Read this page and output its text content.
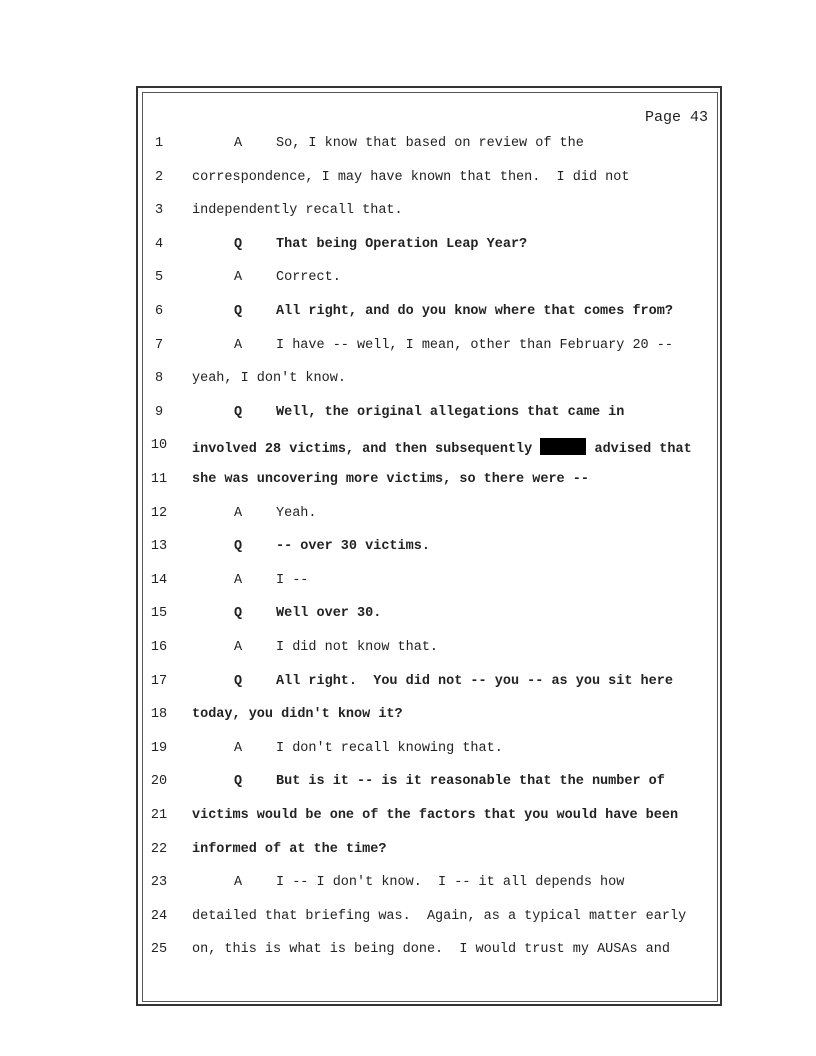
Page 43
1	A	So, I know that based on review of the
2	correspondence, I may have known that then.  I did not
3	independently recall that.
4	Q	That being Operation Leap Year?
5	A	Correct.
6	Q	All right, and do you know where that comes from?
7	A	I have -- well, I mean, other than February 20 --
8	yeah, I don't know.
9	Q	Well, the original allegations that came in
10	involved 28 victims, and then subsequently	advised that
11	she was uncovering more victims, so there were --
12	A	Yeah.
13	Q	-- over 30 victims.
14	A	I --
15	Q	Well over 30.
16	A	I did not know that.
17	Q	All right.  You did not -- you -- as you sit here
18	today, you didn't know it?
19	A	I don't recall knowing that.
20	Q	But is it -- is it reasonable that the number of
21	victims would be one of the factors that you would have been
22	informed of at the time?
23	A	I -- I don't know.  I -- it all depends how
24	detailed that briefing was.  Again, as a typical matter early
25	on, this is what is being done.  I would trust my AUSAs and
